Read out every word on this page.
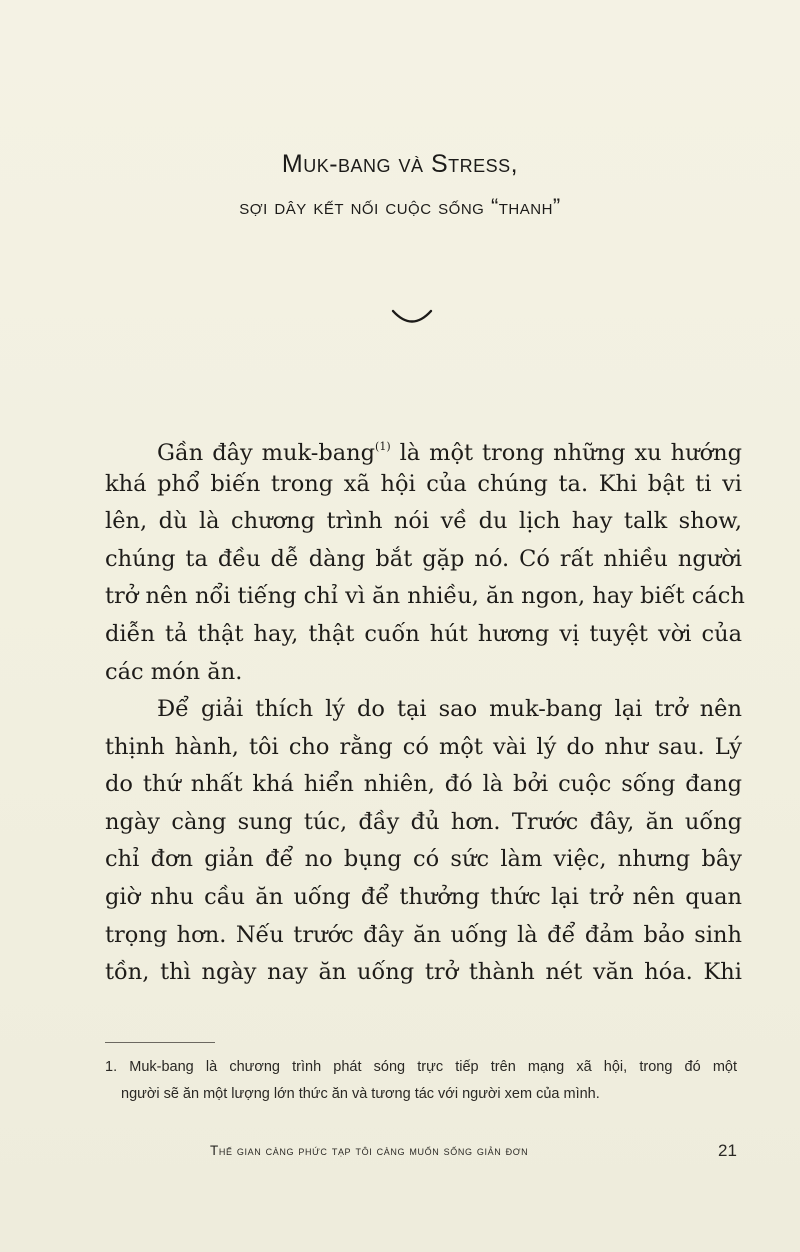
Muk-bang và Stress,
sợi dây kết nối cuộc sống “thanh”
Gần đây muk-bang$^{(1)}$ là một trong những xu hướng
khá phổ biến trong xã hội của chúng ta. Khi bật ti vi
lên, dù là chương trình nói về du lịch hay talk show,
chúng ta đều dễ dàng bắt gặp nó. Có rất nhiều người
trở nên nổi tiếng chỉ vì ăn nhiều, ăn ngon, hay biết cách
diễn tả thật hay, thật cuốn hút hương vị tuyệt vời của
các món ăn.
Để giải thích lý do tại sao muk-bang lại trở nên
thịnh hành, tôi cho rằng có một vài lý do như sau. Lý
do thứ nhất khá hiển nhiên, đó là bởi cuộc sống đang
ngày càng sung túc, đầy đủ hơn. Trước đây, ăn uống
chỉ đơn giản để no bụng có sức làm việc, nhưng bây
giờ nhu cầu ăn uống để thưởng thức lại trở nên quan
trọng hơn. Nếu trước đây ăn uống là để đảm bảo sinh
tồn, thì ngày nay ăn uống trở thành nét văn hóa. Khi
1. Muk-bang là chương trình phát sóng trực tiếp trên mạng xã hội, trong đó một
người sẽ ăn một lượng lớn thức ăn và tương tác với người xem của mình.
Thế gian càng phức tạp tôi càng muốn sống giản đơn	21
